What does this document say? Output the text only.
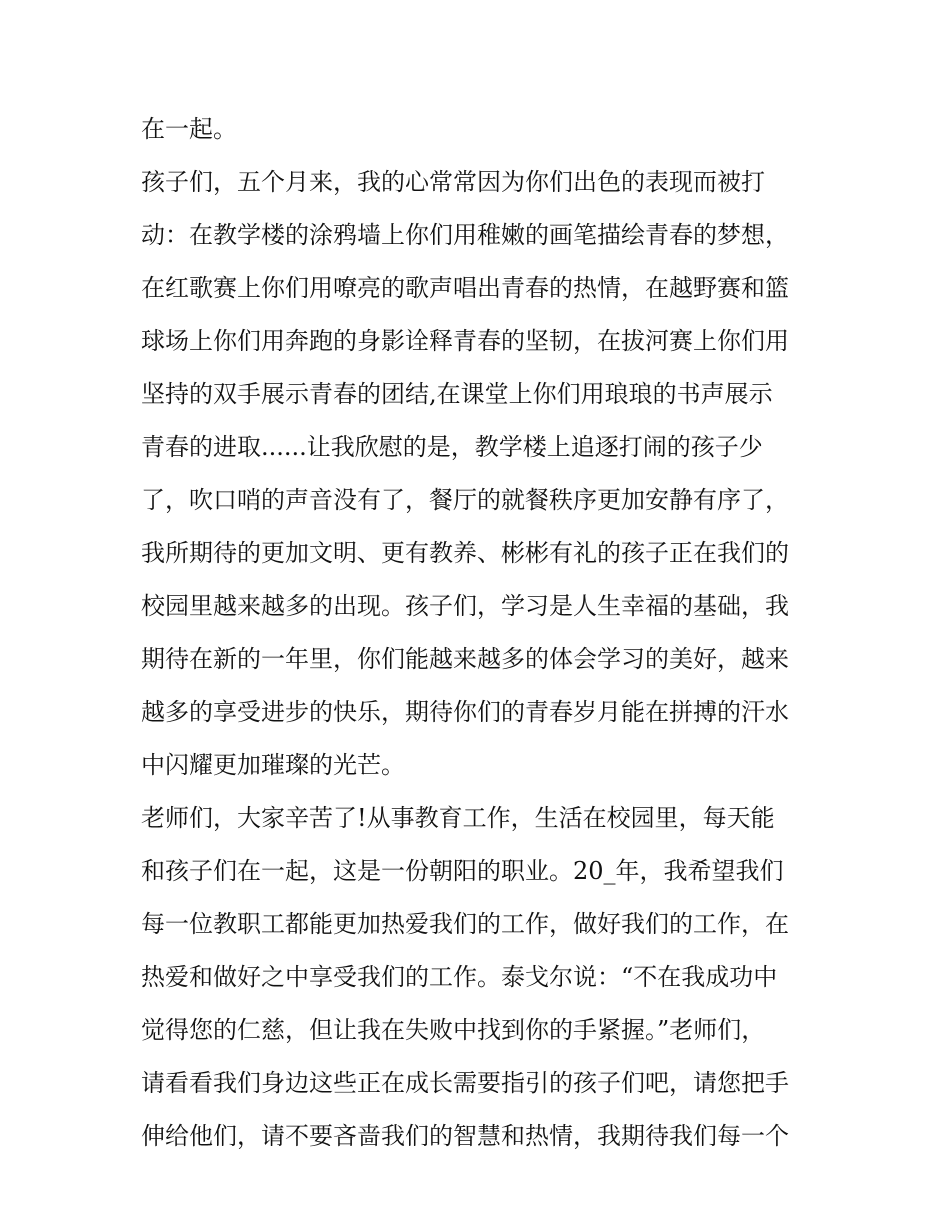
在一起。
孩子们，五个月来，我的心常常因为你们出色的表现而被打
动：在教学楼的涂鸦墙上你们用稚嫩的画笔描绘青春的梦想，
在红歌赛上你们用嘹亮的歌声唱出青春的热情，在越野赛和篮
球场上你们用奔跑的身影诠释青春的坚韧，在拔河赛上你们用
坚持的双手展示青春的团结,在课堂上你们用琅琅的书声展示
青春的进取......让我欣慰的是，教学楼上追逐打闹的孩子少
了，吹口哨的声音没有了，餐厅的就餐秩序更加安静有序了，
我所期待的更加文明、更有教养、彬彬有礼的孩子正在我们的
校园里越来越多的出现。孩子们，学习是人生幸福的基础，我
期待在新的一年里，你们能越来越多的体会学习的美好，越来
越多的享受进步的快乐，期待你们的青春岁月能在拼搏的汗水
中闪耀更加璀璨的光芒。
老师们，大家辛苦了!从事教育工作，生活在校园里，每天能
和孩子们在一起，这是一份朝阳的职业。20_年，我希望我们
每一位教职工都能更加热爱我们的工作，做好我们的工作，在
热爱和做好之中享受我们的工作。泰戈尔说：“不在我成功中
觉得您的仁慈，但让我在失败中找到你的手紧握。”老师们，
请看看我们身边这些正在成长需要指引的孩子们吧，请您把手
伸给他们，请不要吝啬我们的智慧和热情，我期待我们每一个
